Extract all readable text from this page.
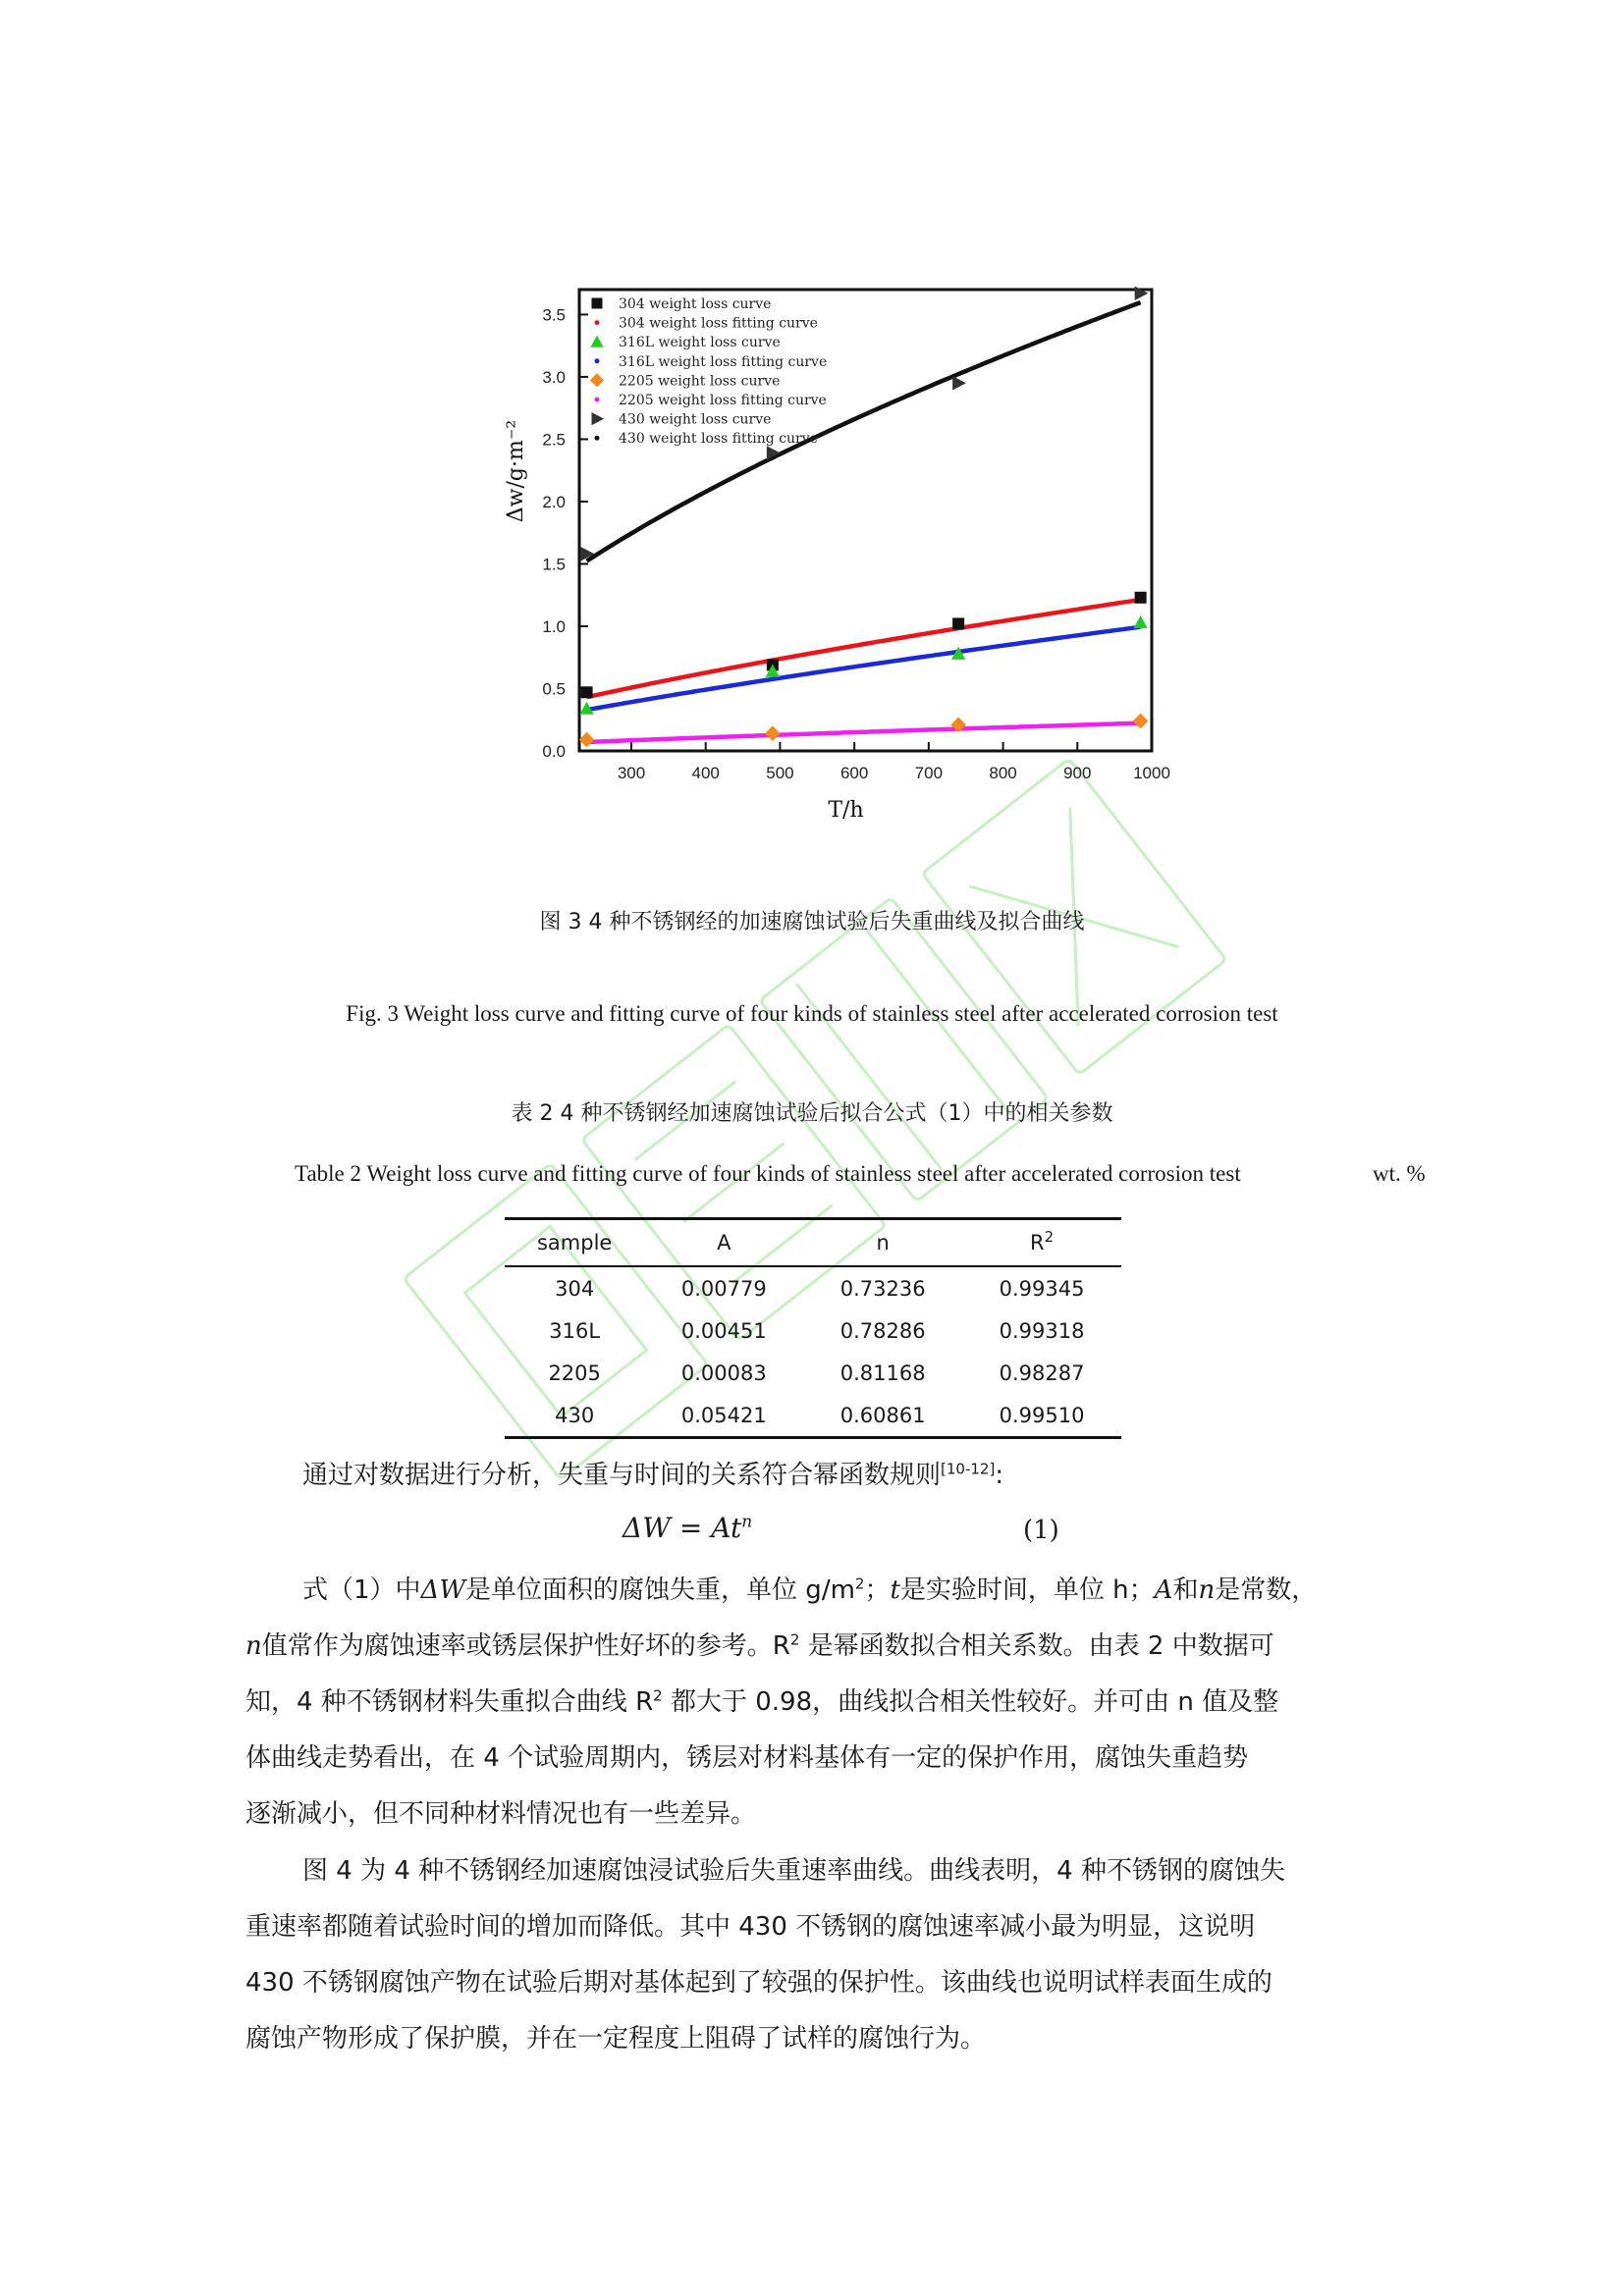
0.0
0.5
1.0
1.5
2.0
2.5
3.0
3.5
300	400	500	600	700	800	900	1000
T/h
Δw/g·m⁻²
304 weight loss curve
304 weight loss fitting curve
316L weight loss curve
316L weight loss fitting curve
2205 weight loss curve
2205 weight loss fitting curve
430 weight loss curve
430 weight loss fitting curve
图 3 4 种不锈钢经的加速腐蚀试验后失重曲线及拟合曲线
Fig. 3 Weight loss curve and fitting curve of four kinds of stainless steel after accelerated corrosion test
表 2 4 种不锈钢经加速腐蚀试验后拟合公式（1）中的相关参数
Table 2 Weight loss curve and fitting curve of four kinds of stainless steel after accelerated corrosion test	wt. %
sample	A	n	$R^2$
304	0.00779	0.73236	0.99345
316L	0.00451	0.78286	0.99318
2205	0.00083	0.81168	0.98287
430	0.05421	0.60861	0.99510
通过对数据进行分析，失重与时间的关系符合幂函数规则[10-12]:
$\Delta W = At^n$	(1)
式（1）中ΔW是单位面积的腐蚀失重，单位 $g/m^2$；t是实验时间，单位 h；A和n是常数，
n值常作为腐蚀速率或锈层保护性好坏的参考。$R^2$ 是幂函数拟合相关系数。由表 2 中数据可
知，4 种不锈钢材料失重拟合曲线 $R^2$ 都大于 0.98，曲线拟合相关性较好。并可由 n 值及整
体曲线走势看出，在 4 个试验周期内，锈层对材料基体有一定的保护作用，腐蚀失重趋势
逐渐减小，但不同种材料情况也有一些差异。
图 4 为 4 种不锈钢经加速腐蚀浸试验后失重速率曲线。曲线表明，4 种不锈钢的腐蚀失
重速率都随着试验时间的增加而降低。其中 430 不锈钢的腐蚀速率减小最为明显，这说明
430 不锈钢腐蚀产物在试验后期对基体起到了较强的保护性。该曲线也说明试样表面生成的
腐蚀产物形成了保护膜，并在一定程度上阻碍了试样的腐蚀行为。
